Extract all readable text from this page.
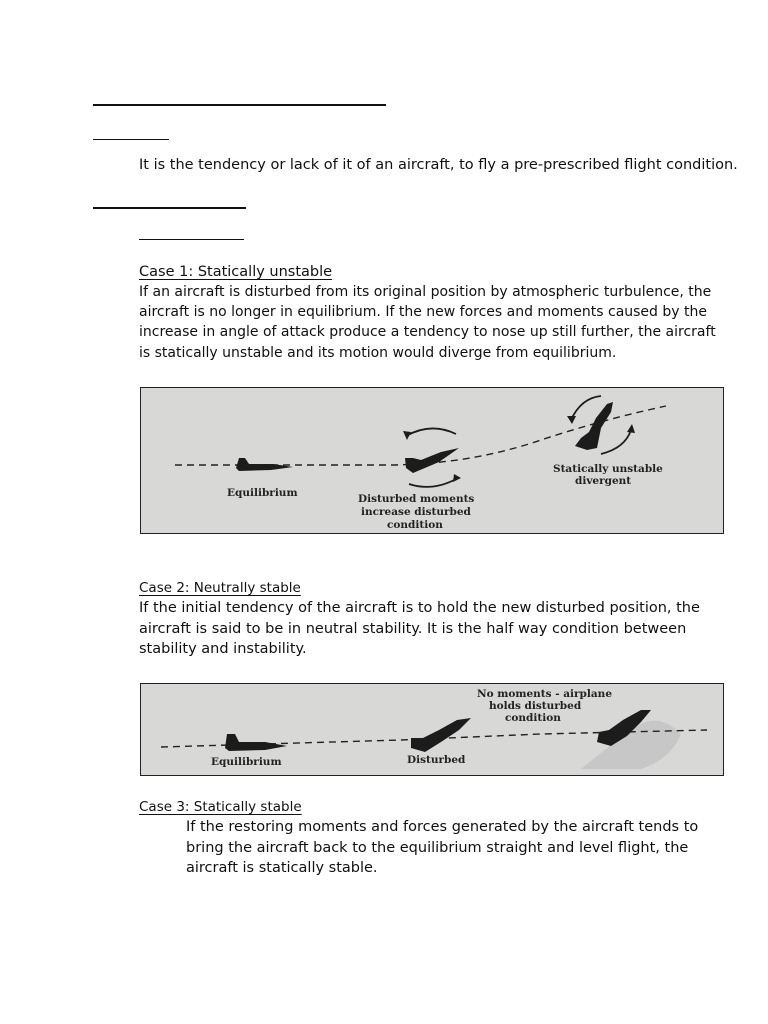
It is the tendency or lack of it of an aircraft, to fly a pre-prescribed flight condition.
Case 1: Statically unstable
If an aircraft is disturbed from its original position by atmospheric turbulence, the
aircraft is no longer in equilibrium. If the new forces and moments caused by the
increase in angle of attack produce a tendency to nose up still further, the aircraft
is statically unstable and its motion would diverge from equilibrium.
Equilibrium	Disturbed moments
increase disturbed
condition
Statically unstable
divergent
Case 2: Neutrally stable
If the initial tendency of the aircraft is to hold the new disturbed position, the
aircraft is said to be in neutral stability. It is the half way condition between
stability and instability.
Equilibrium	Disturbed
No moments - airplane
holds disturbed
condition
Case 3: Statically stable
If the restoring moments and forces generated by the aircraft tends to
bring the aircraft back to the equilibrium straight and level flight, the
aircraft is statically stable.
